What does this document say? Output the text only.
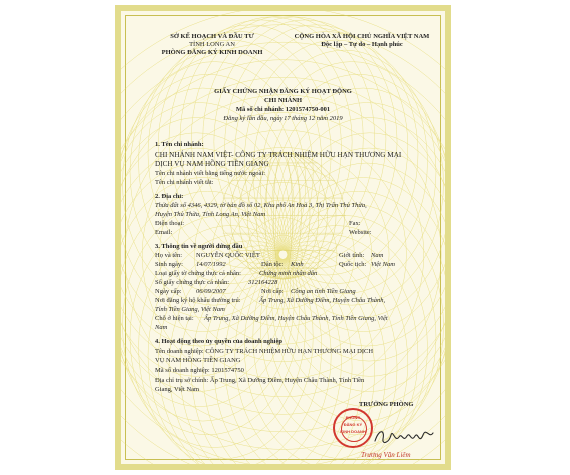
SỞ KẾ HOẠCH VÀ ĐẦU TƯ
TỈNH LONG AN
PHÒNG ĐĂNG KÝ KINH DOANH
CỘNG HÒA XÃ HỘI CHỦ NGHĨA VIỆT NAM
Độc lập – Tự do – Hạnh phúc
GIẤY CHỨNG NHẬN ĐĂNG KÝ HOẠT ĐỘNG
CHI NHÁNH
Mã số chi nhánh: 1201574750-001
Đăng ký lần đầu, ngày 17 tháng 12 năm 2019
1. Tên chi nhánh:
CHI NHÁNH NAM VIỆT- CÔNG TY TRÁCH NHIỆM HỮU HẠN THƯƠNG MẠI
DỊCH VỤ NAM HỒNG TIỀN GIANG
Tên chi nhánh viết bằng tiếng nước ngoài:
Tên chi nhánh viết tắt:
2. Địa chỉ:
Thửa đất số 4346, 4329, tờ bản đồ số 02, Khu phố An Hoà 3, Thị Trấn Thủ Thừa,
Huyện Thủ Thừa, Tỉnh Long An, Việt Nam
Điện thoại:	Fax:
Email:	Website:
3. Thông tin về người đứng đầu
Họ và tên: NGUYỄN QUỐC VIỆT	Giới tính: Nam
Sinh ngày: 14/07/1992	Dân tộc: Kinh	Quốc tịch: Việt Nam
Loại giấy tờ chứng thực cá nhân:	Chứng minh nhân dân
Số giấy chứng thực cá nhân:	312164228
Ngày cấp: 06/09/2007	Nơi cấp: Công an tỉnh Tiền Giang
Nơi đăng ký hộ khẩu thường trú:	Ấp Trung, Xã Dưỡng Điềm, Huyện Châu Thành,
Tỉnh Tiền Giang, Việt Nam
Chỗ ở hiện tại: Ấp Trung, Xã Dưỡng Điềm, Huyện Châu Thành, Tỉnh Tiền Giang, Việt
Nam
4. Hoạt động theo ủy quyền của doanh nghiệp
Tên doanh nghiệp: CÔNG TY TRÁCH NHIỆM HỮU HẠN THƯƠNG MẠI DỊCH
VỤ NAM HỒNG TIỀN GIANG
Mã số doanh nghiệp: 1201574750
Địa chỉ trụ sở chính: Ấp Trung, Xã Dưỡng Điềm, Huyện Châu Thành, Tỉnh Tiền
Giang, Việt Nam
TRƯỞNG PHÒNG
PHÒNG
ĐĂNG KÝ
KINH DOANH
Trương Văn Liêm
